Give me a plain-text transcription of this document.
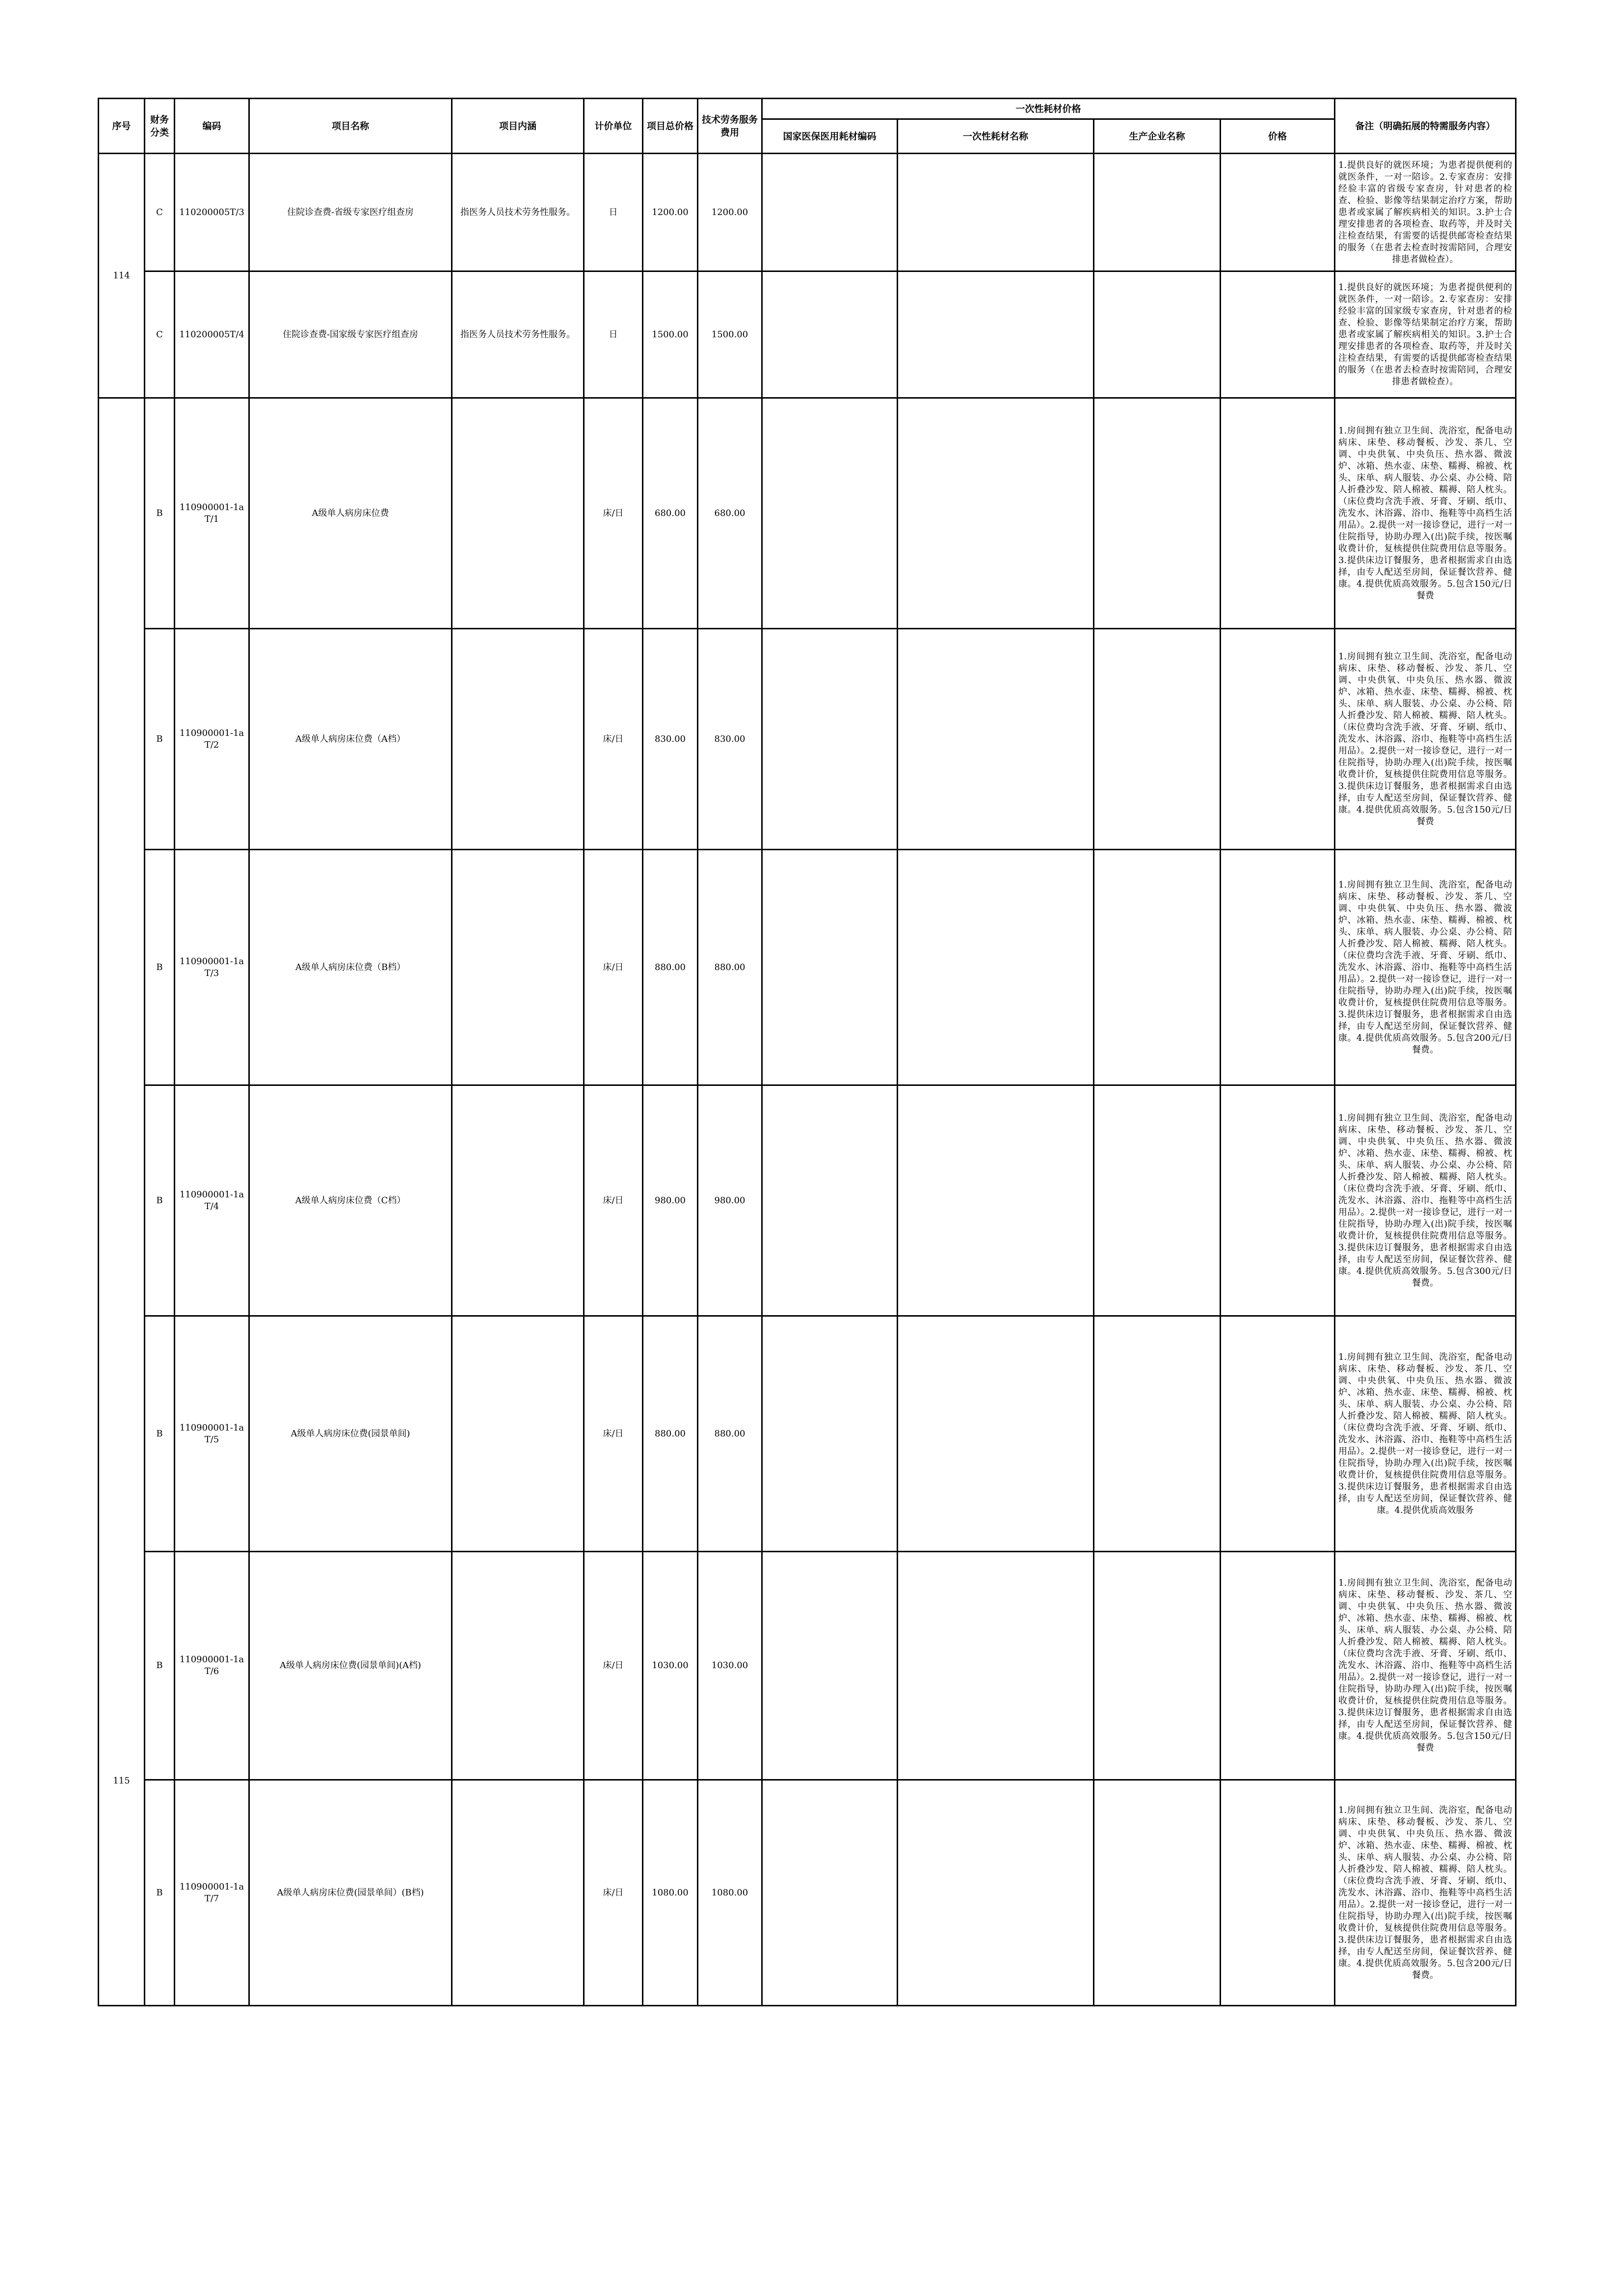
序号	财务分类	编码	项目名称	项目内涵	计价单位	项目总价格	技术劳务服务费用	一次性耗材价格				备注（明确拓展的特需服务内容）
								国家医保医用耗材编码	一次性耗材名称	生产企业名称	价格	
114	C	110200005T/3	住院诊查费-省级专家医疗组查房	指医务人员技术劳务性服务。	日	1200.00	1200.00					1.提供良好的就医环境；为患者提供便利的就医条件，一对一陪诊。2.专家查房：安排经验丰富的省级专家查房，针对患者的检查、检验、影像等结果制定治疗方案，帮助患者或家属了解疾病相关的知识。3.护士合理安排患者的各项检查、取药等，并及时关注检查结果，有需要的话提供邮寄检查结果的服务（在患者去检查时按需陪同，合理安排患者做检查）。

	C	110200005T/4	住院诊查费-国家级专家医疗组查房	指医务人员技术劳务性服务。	日	1500.00	1500.00					1.提供良好的就医环境；为患者提供便利的就医条件，一对一陪诊。2.专家查房：安排经验丰富的国家级专家查房，针对患者的检查、检验、影像等结果制定治疗方案，帮助患者或家属了解疾病相关的知识。3.护士合理安排患者的各项检查、取药等，并及时关注检查结果，有需要的话提供邮寄检查结果的服务（在患者去检查时按需陪同，合理安排患者做检查）。

115	B	110900001-1aT/1	A级单人病房床位费		床/日	680.00	680.00					1.房间拥有独立卫生间、洗浴室，配备电动病床、床垫、移动餐板、沙发、茶几、空调、中央供氧、中央负压、热水器、微波炉、冰箱、热水壶、床垫、糯褥、棉被、枕头、床单、病人服装、办公桌、办公椅、陪人折叠沙发、陪人棉被、糯褥、陪人枕头。（床位费均含洗手液、牙膏、牙刷、纸巾、洗发水、沐浴露、浴巾、拖鞋等中高档生活用品）。2.提供一对一接诊登记，进行一对一住院指导，协助办理入(出)院手续，按医嘱收费计价，复核提供住院费用信息等服务。3.提供床边订餐服务，患者根据需求自由选择，由专人配送至房间，保证餐饮营养、健康。4.提供优质高效服务。5.包含150元/日餐费

	B	110900001-1aT/2	A级单人病房床位费（A档）		床/日	830.00	830.00					1.房间拥有独立卫生间、洗浴室，配备电动病床、床垫、移动餐板、沙发、茶几、空调、中央供氧、中央负压、热水器、微波炉、冰箱、热水壶、床垫、糯褥、棉被、枕头、床单、病人服装、办公桌、办公椅、陪人折叠沙发、陪人棉被、糯褥、陪人枕头。（床位费均含洗手液、牙膏、牙刷、纸巾、洗发水、沐浴露、浴巾、拖鞋等中高档生活用品）。2.提供一对一接诊登记，进行一对一住院指导，协助办理入(出)院手续，按医嘱收费计价，复核提供住院费用信息等服务。3.提供床边订餐服务，患者根据需求自由选择，由专人配送至房间，保证餐饮营养、健康。4.提供优质高效服务。5.包含150元/日餐费

	B	110900001-1aT/3	A级单人病房床位费（B档）		床/日	880.00	880.00					1.房间拥有独立卫生间、洗浴室，配备电动病床、床垫、移动餐板、沙发、茶几、空调、中央供氧、中央负压、热水器、微波炉、冰箱、热水壶、床垫、糯褥、棉被、枕头、床单、病人服装、办公桌、办公椅、陪人折叠沙发、陪人棉被、糯褥、陪人枕头。（床位费均含洗手液、牙膏、牙刷、纸巾、洗发水、沐浴露、浴巾、拖鞋等中高档生活用品）。2.提供一对一接诊登记，进行一对一住院指导，协助办理入(出)院手续，按医嘱收费计价，复核提供住院费用信息等服务。3.提供床边订餐服务，患者根据需求自由选择，由专人配送至房间，保证餐饮营养、健康。4.提供优质高效服务。5.包含200元/日餐费。

	B	110900001-1aT/4	A级单人病房床位费（C档）		床/日	980.00	980.00					1.房间拥有独立卫生间、洗浴室，配备电动病床、床垫、移动餐板、沙发、茶几、空调、中央供氧、中央负压、热水器、微波炉、冰箱、热水壶、床垫、糯褥、棉被、枕头、床单、病人服装、办公桌、办公椅、陪人折叠沙发、陪人棉被、糯褥、陪人枕头。（床位费均含洗手液、牙膏、牙刷、纸巾、洗发水、沐浴露、浴巾、拖鞋等中高档生活用品）。2.提供一对一接诊登记，进行一对一住院指导，协助办理入(出)院手续，按医嘱收费计价，复核提供住院费用信息等服务。3.提供床边订餐服务，患者根据需求自由选择，由专人配送至房间，保证餐饮营养、健康。4.提供优质高效服务。5.包含300元/日餐费。

	B	110900001-1aT/5	A级单人病房床位费(园景单间)		床/日	880.00	880.00					1.房间拥有独立卫生间、洗浴室，配备电动病床、床垫、移动餐板、沙发、茶几、空调、中央供氧、中央负压、热水器、微波炉、冰箱、热水壶、床垫、糯褥、棉被、枕头、床单、病人服装、办公桌、办公椅、陪人折叠沙发、陪人棉被、糯褥、陪人枕头。（床位费均含洗手液、牙膏、牙刷、纸巾、洗发水、沐浴露、浴巾、拖鞋等中高档生活用品）。2.提供一对一接诊登记，进行一对一住院指导，协助办理入(出)院手续，按医嘱收费计价，复核提供住院费用信息等服务。3.提供床边订餐服务，患者根据需求自由选择，由专人配送至房间，保证餐饮营养、健康。4.提供优质高效服务

	B	110900001-1aT/6	A级单人病房床位费(园景单间)(A档)		床/日	1030.00	1030.00					1.房间拥有独立卫生间、洗浴室，配备电动病床、床垫、移动餐板、沙发、茶几、空调、中央供氧、中央负压、热水器、微波炉、冰箱、热水壶、床垫、糯褥、棉被、枕头、床单、病人服装、办公桌、办公椅、陪人折叠沙发、陪人棉被、糯褥、陪人枕头。（床位费均含洗手液、牙膏、牙刷、纸巾、洗发水、沐浴露、浴巾、拖鞋等中高档生活用品）。2.提供一对一接诊登记，进行一对一住院指导，协助办理入(出)院手续，按医嘱收费计价，复核提供住院费用信息等服务。3.提供床边订餐服务，患者根据需求自由选择，由专人配送至房间，保证餐饮营养、健康。4.提供优质高效服务。5.包含150元/日餐费

	B	110900001-1aT/7	A级单人病房床位费(园景单间）(B档)		床/日	1080.00	1080.00					1.房间拥有独立卫生间、洗浴室，配备电动病床、床垫、移动餐板、沙发、茶几、空调、中央供氧、中央负压、热水器、微波炉、冰箱、热水壶、床垫、糯褥、棉被、枕头、床单、病人服装、办公桌、办公椅、陪人折叠沙发、陪人棉被、糯褥、陪人枕头。（床位费均含洗手液、牙膏、牙刷、纸巾、洗发水、沐浴露、浴巾、拖鞋等中高档生活用品）。2.提供一对一接诊登记，进行一对一住院指导，协助办理入(出)院手续，按医嘱收费计价，复核提供住院费用信息等服务。3.提供床边订餐服务，患者根据需求自由选择，由专人配送至房间，保证餐饮营养、健康。4.提供优质高效服务。5.包含200元/日餐费。
